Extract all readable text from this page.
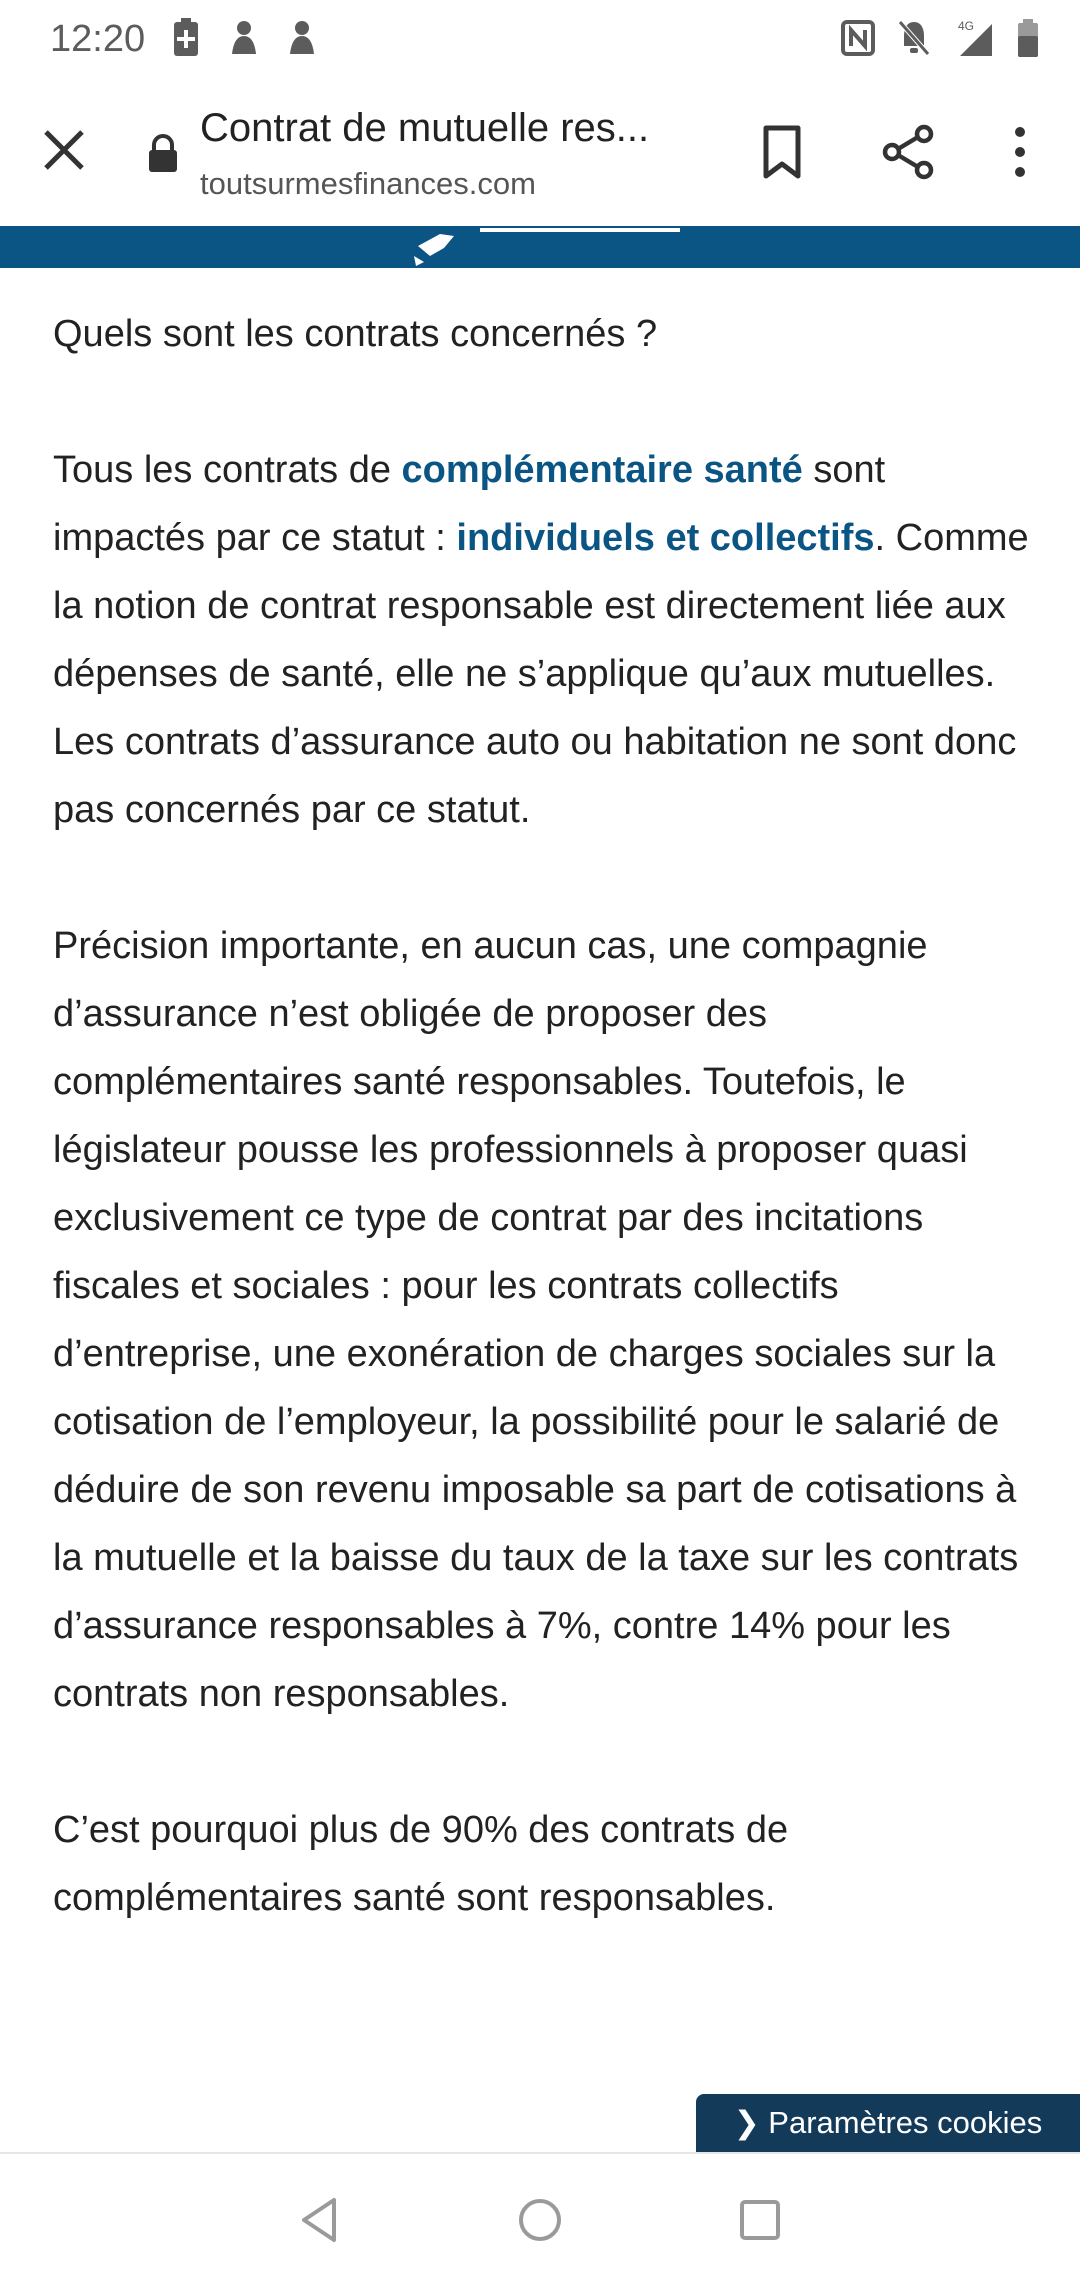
12:20	4G
Contrat de mutuelle res...
toutsurmesfinances.com

Quels sont les contrats concernés ?

Tous les contrats de complémentaire santé sont impactés par ce statut : individuels et collectifs. Comme la notion de contrat responsable est directement liée aux dépenses de santé, elle ne s’applique qu’aux mutuelles. Les contrats d’assurance auto ou habitation ne sont donc pas concernés par ce statut.

Précision importante, en aucun cas, une compagnie d’assurance n’est obligée de proposer des complémentaires santé responsables. Toutefois, le législateur pousse les professionnels à proposer quasi exclusivement ce type de contrat par des incitations fiscales et sociales : pour les contrats collectifs d’entreprise, une exonération de charges sociales sur la cotisation de l’employeur, la possibilité pour le salarié de déduire de son revenu imposable sa part de cotisations à la mutuelle et la baisse du taux de la taxe sur les contrats d’assurance responsables à 7%, contre 14% pour les contrats non responsables.

C’est pourquoi plus de 90% des contrats de complémentaires santé sont responsables.

❯ Paramètres cookies
